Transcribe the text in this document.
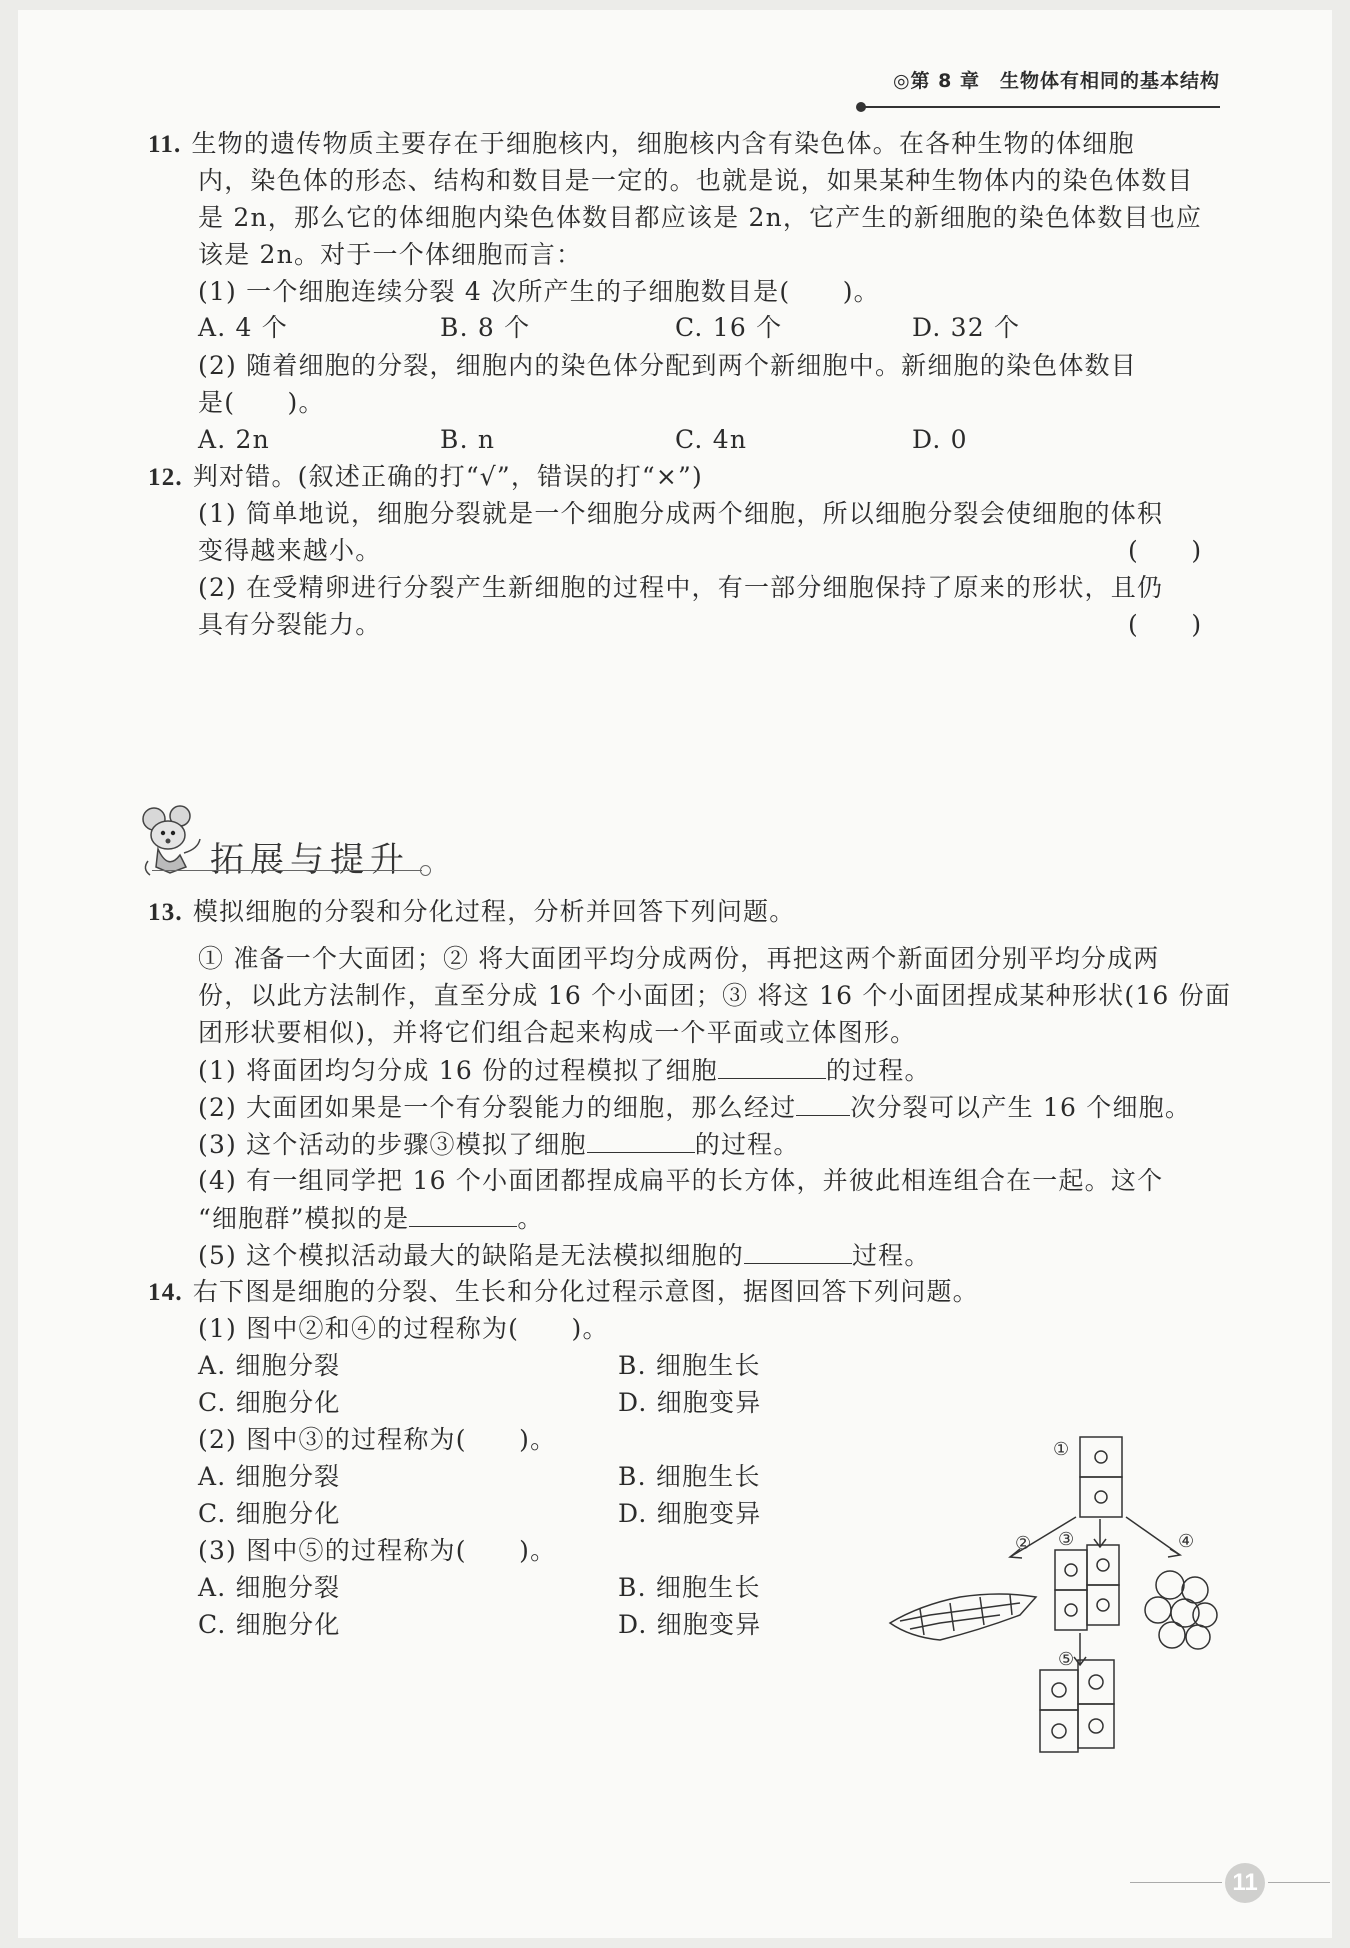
◎第 8 章　生物体有相同的基本结构
11. 生物的遗传物质主要存在于细胞核内，细胞核内含有染色体。在各种生物的体细胞
内，染色体的形态、结构和数目是一定的。也就是说，如果某种生物体内的染色体数目
是 2n，那么它的体细胞内染色体数目都应该是 2n，它产生的新细胞的染色体数目也应
该是 2n。对于一个体细胞而言：
(1) 一个细胞连续分裂 4 次所产生的子细胞数目是(　　)。
A. 4 个	B. 8 个	C. 16 个	D. 32 个
(2) 随着细胞的分裂，细胞内的染色体分配到两个新细胞中。新细胞的染色体数目
是(　　)。
A. 2n	B. n	C. 4n	D. 0
12. 判对错。(叙述正确的打“√”，错误的打“×”)
(1) 简单地说，细胞分裂就是一个细胞分成两个细胞，所以细胞分裂会使细胞的体积
变得越来越小。	(　　)
(2) 在受精卵进行分裂产生新细胞的过程中，有一部分细胞保持了原来的形状，且仍
具有分裂能力。	(　　)
拓展与提升
13. 模拟细胞的分裂和分化过程，分析并回答下列问题。
① 准备一个大面团；② 将大面团平均分成两份，再把这两个新面团分别平均分成两
份，以此方法制作，直至分成 16 个小面团；③ 将这 16 个小面团捏成某种形状(16 份面
团形状要相似)，并将它们组合起来构成一个平面或立体图形。
(1) 将面团均匀分成 16 份的过程模拟了细胞	的过程。
(2) 大面团如果是一个有分裂能力的细胞，那么经过 次分裂可以产生 16 个细胞。
(3) 这个活动的步骤③模拟了细胞	的过程。
(4) 有一组同学把 16 个小面团都捏成扁平的长方体，并彼此相连组合在一起。这个
“细胞群”模拟的是	。
(5) 这个模拟活动最大的缺陷是无法模拟细胞的	过程。
14. 右下图是细胞的分裂、生长和分化过程示意图，据图回答下列问题。
(1) 图中②和④的过程称为(　　)。
A. 细胞分裂	B. 细胞生长
C. 细胞分化	D. 细胞变异
(2) 图中③的过程称为(　　)。
A. 细胞分裂	B. 细胞生长
C. 细胞分化	D. 细胞变异
(3) 图中⑤的过程称为(　　)。
A. 细胞分裂	B. 细胞生长
C. 细胞分化	D. 细胞变异
①
② ③	④
⑤
11
